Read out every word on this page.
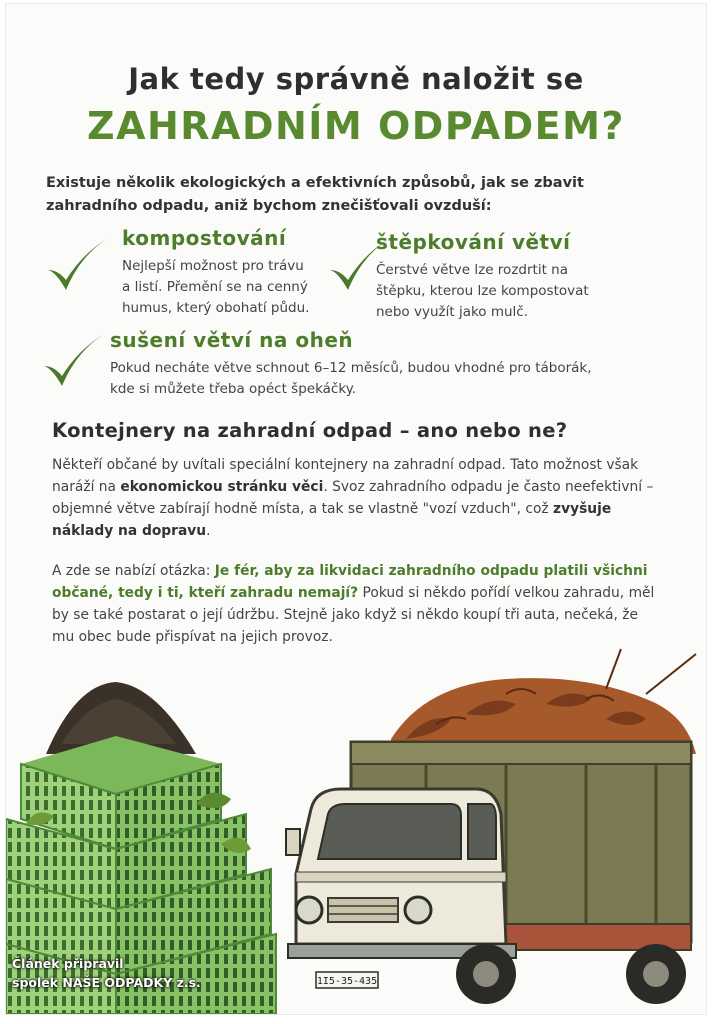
Jak tedy správně naložit se
ZAHRADNÍM ODPADEM?
Existuje několik ekologických a efektivních způsobů, jak se zbavit
zahradního odpadu, aniž bychom znečišťovali ovzduší:
kompostování

Nejlepší možnost pro trávu
a listí. Přemění se na cenný
humus, který obohatí půdu.

štěpkování větví

Čerstvé větve lze rozdrtit na
štěpku, kterou lze kompostovat
nebo využít jako mulč.

sušení větví na oheň

Pokud necháte větve schnout 6–12 měsíců, budou vhodné pro táborák,
kde si můžete třeba opéct špekáčky.

Kontejnery na zahradní odpad – ano nebo ne?

Někteří občané by uvítali speciální kontejnery na zahradní odpad. Tato možnost však naráží na ekonomickou stránku věci. Svoz zahradního odpadu je často neefektivní – objemné větve zabírají hodně místa, a tak se vlastně "vozí vzduch", což zvyšuje náklady na dopravu.

A zde se nabízí otázka: Je fér, aby za likvidaci zahradního odpadu platili všichni občané, tedy i ti, kteří zahradu nemají? Pokud si někdo pořídí velkou zahradu, měl by se také postarat o její údržbu. Stejně jako když si někdo koupí tři auta, nečeká, že mu obec bude přispívat na jejich provoz.

1I5-35-435
Článek připravil
spolek NAŠE ODPADKY z.s.
